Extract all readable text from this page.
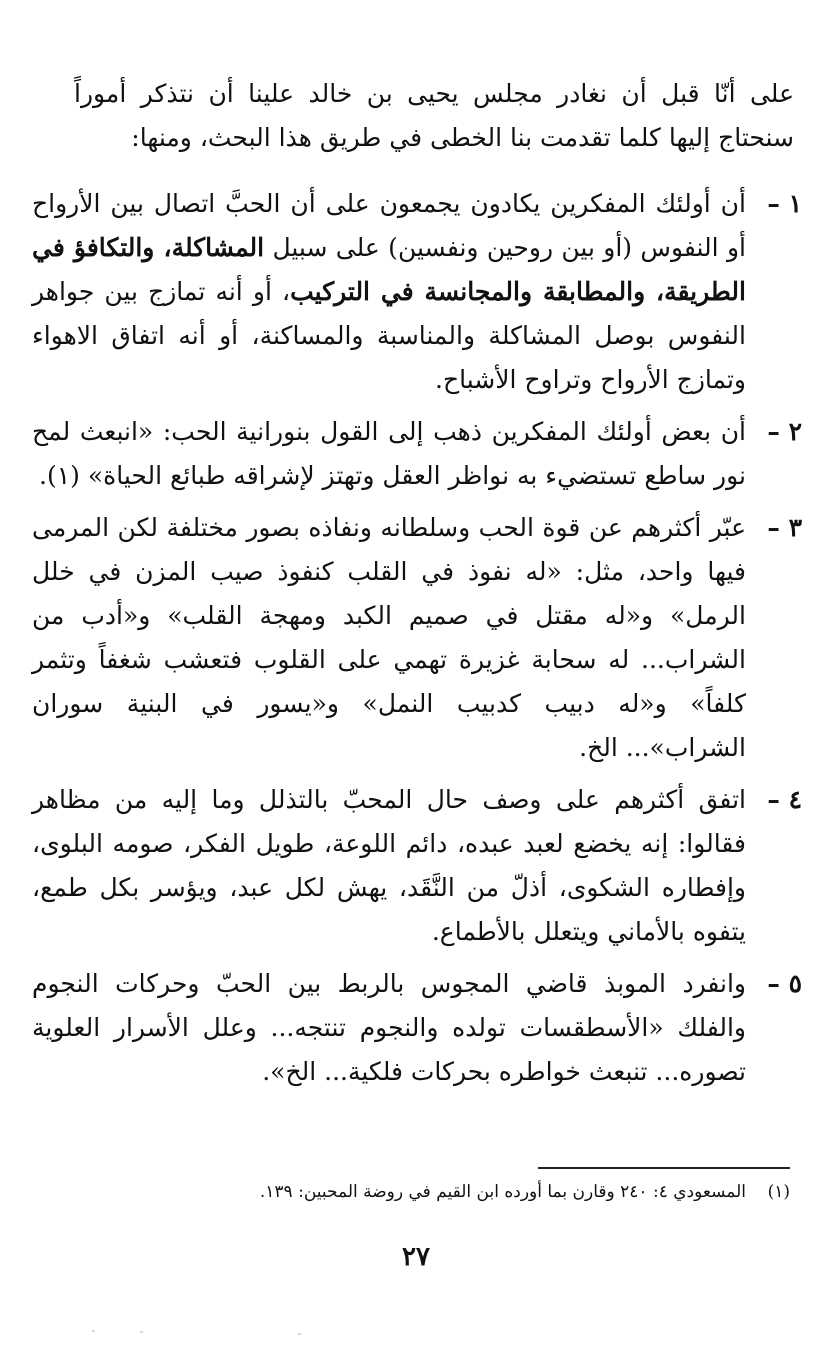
على أنّا قبل أن نغادر مجلس يحيى بن خالد علينا أن نتذكر أموراً سنحتاج إليها كلما تقدمت بنا الخطى في طريق هذا البحث، ومنها:

١ –
أن أولئك المفكرين يكادون يجمعون على أن الحبَّ اتصال بين الأرواح أو النفوس (أو بين روحين ونفسين) على سبيل المشاكلة، والتكافؤ في الطريقة، والمطابقة والمجانسة في التركيب، أو أنه تمازج بين جواهر النفوس بوصل المشاكلة والمناسبة والمساكنة، أو أنه اتفاق الاهواء وتمازج الأرواح وتراوح الأشباح.
٢ –
أن بعض أولئك المفكرين ذهب إلى القول بنورانية الحب: «انبعث لمح نور ساطع تستضيء به نواظر العقل وتهتز لإشراقه طبائع الحياة» (١).
٣ –
عبّر أكثرهم عن قوة الحب وسلطانه ونفاذه بصور مختلفة لكن المرمى فيها واحد، مثل: «له نفوذ في القلب كنفوذ صيب المزن في خلل الرمل» و«له مقتل في صميم الكبد ومهجة القلب» و«أدب من الشراب... له سحابة غزيرة تهمي على القلوب فتعشب شغفاً وتثمر كلفاً» و«له دبيب كدبيب النمل» و«يسور في البنية سوران الشراب»... الخ.
٤ –
اتفق أكثرهم على وصف حال المحبّ بالتذلل وما إليه من مظاهر فقالوا: إنه يخضع لعبد عبده، دائم اللوعة، طويل الفكر، صومه البلوى، وإفطاره الشكوى، أذلّ من النَّقَد، يهش لكل عبد، ويؤسر بكل طمع، يتفوه بالأماني ويتعلل بالأطماع.
٥ –
وانفرد الموبذ قاضي المجوس بالربط بين الحبّ وحركات النجوم والفلك «الأسطقسات تولده والنجوم تنتجه... وعلل الأسرار العلوية تصوره... تنبعث خواطره بحركات فلكية... الخ».
(١)
المسعودي ٤: ٢٤٠ وقارن بما أورده ابن القيم في روضة المحبين: ١٣٩.
٢٧
